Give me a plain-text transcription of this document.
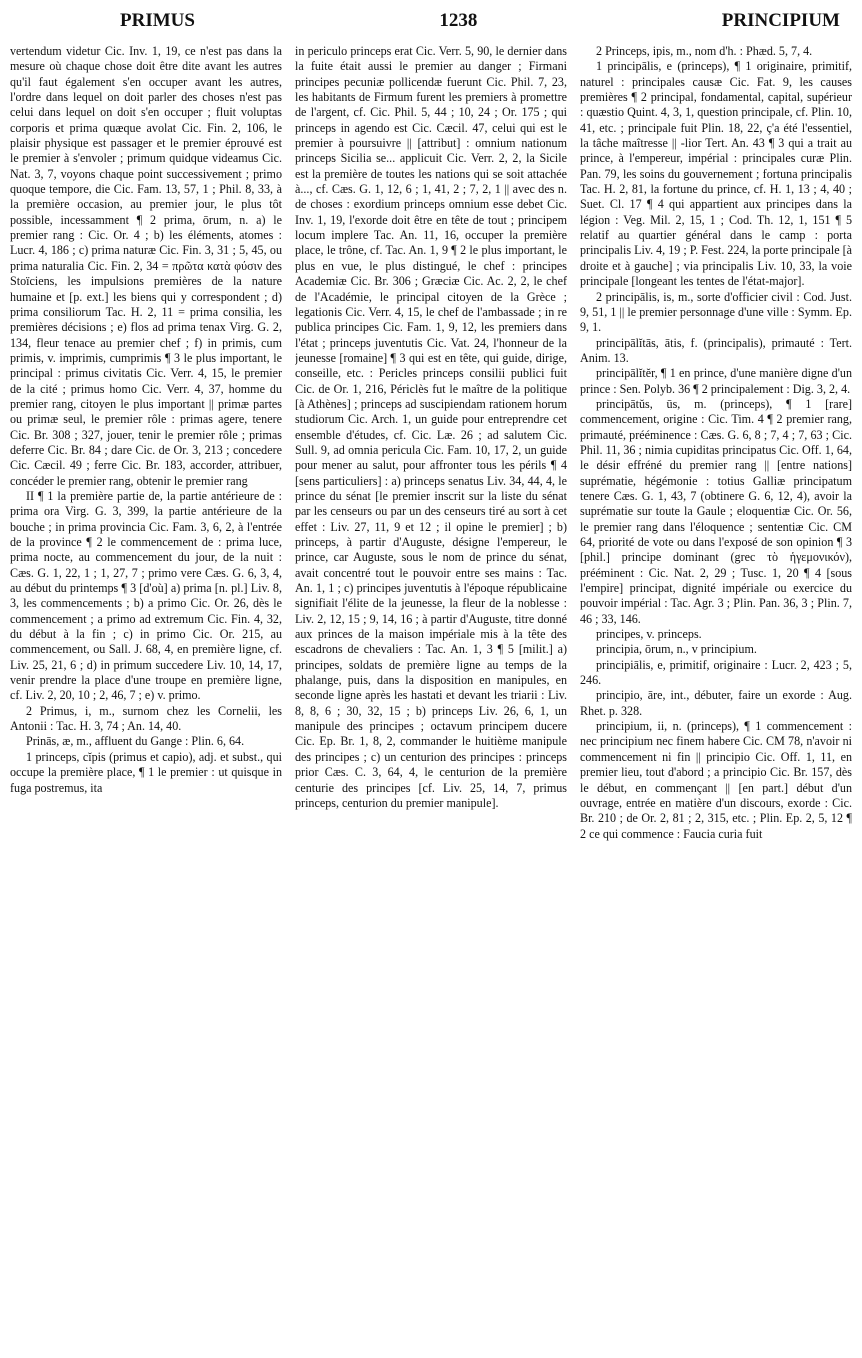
PRIMUS	1238	PRINCIPIUM

vertendum videtur Cic. Inv. 1, 19, ce n'est pas dans la mesure où chaque chose doit être dite avant les autres qu'il faut également s'en occuper avant les autres, l'ordre dans lequel on doit parler des choses n'est pas celui dans lequel on doit s'en occuper ; fluit voluptas corporis et prima quæque avolat Cic. Fin. 2, 106, le plaisir physique est passager et le premier éprouvé est le premier à s'envoler ; primum quidque videamus Cic. Nat. 3, 7, voyons chaque point successivement ; primo quoque tempore, die Cic. Fam. 13, 57, 1 ; Phil. 8, 33, à la première occasion, au premier jour, le plus tôt possible, incessamment ¶ 2 prima, ōrum, n. a) le premier rang : Cic. Or. 4 ; b) les éléments, atomes : Lucr. 4, 186 ; c) prima naturæ Cic. Fin. 3, 31 ; 5, 45, ou prima naturalia Cic. Fin. 2, 34 = πρῶτα κατὰ φύσιν des Stoïciens, les impulsions premières de la nature humaine et [p. ext.] les biens qui y correspondent ; d) prima consiliorum Tac. H. 2, 11 = prima consilia, les premières décisions ; e) flos ad prima tenax Virg. G. 2, 134, fleur tenace au premier chef ; f) in primis, cum primis, v. imprimis, cumprimis ¶ 3 le plus important, le principal : primus civitatis Cic. Verr. 4, 15, le premier de la cité ; primus homo Cic. Verr. 4, 37, homme du premier rang, citoyen le plus important || primæ partes ou primæ seul, le premier rôle : primas agere, tenere Cic. Br. 308 ; 327, jouer, tenir le premier rôle ; primas deferre Cic. Br. 84 ; dare Cic. de Or. 3, 213 ; concedere Cic. Cæcil. 49 ; ferre Cic. Br. 183, accorder, attribuer, concéder le premier rang, obtenir le premier rang

II ¶ 1 la première partie de, la partie antérieure de : prima ora Virg. G. 3, 399, la partie antérieure de la bouche ; in prima provincia Cic. Fam. 3, 6, 2, à l'entrée de la province ¶ 2 le commencement de : prima luce, prima nocte, au commencement du jour, de la nuit : Cæs. G. 1, 22, 1 ; 1, 27, 7 ; primo vere Cæs. G. 6, 3, 4, au début du printemps ¶ 3 [d'où] a) prima [n. pl.] Liv. 8, 3, les commencements ; b) a primo Cic. Or. 26, dès le commencement ; a primo ad extremum Cic. Fin. 4, 32, du début à la fin ; c) in primo Cic. Or. 215, au commencement, ou Sall. J. 68, 4, en première ligne, cf. Liv. 25, 21, 6 ; d) in primum succedere Liv. 10, 14, 17, venir prendre la place d'une troupe en première ligne, cf. Liv. 2, 20, 10 ; 2, 46, 7 ; e) v. primo.

2 Primus, i, m., surnom chez les Cornelii, les Antonii : Tac. H. 3, 74 ; An. 14, 40.

Prinās, æ, m., affluent du Gange : Plin. 6, 64.

1 princeps, cĭpis (primus et capio), adj. et subst., qui occupe la première place, ¶ 1 le premier : ut quisque in fuga postremus, ita

in periculo princeps erat Cic. Verr. 5, 90, le dernier dans la fuite était aussi le premier au danger ; Firmani principes pecuniæ pollicendæ fuerunt Cic. Phil. 7, 23, les habitants de Firmum furent les premiers à promettre de l'argent, cf. Cic. Phil. 5, 44 ; 10, 24 ; Or. 175 ; qui princeps in agendo est Cic. Cæcil. 47, celui qui est le premier à poursuivre || [attribut] : omnium nationum princeps Sicilia se... applicuit Cic. Verr. 2, 2, la Sicile est la première de toutes les nations qui se soit attachée à..., cf. Cæs. G. 1, 12, 6 ; 1, 41, 2 ; 7, 2, 1 || avec des n. de choses : exordium princeps omnium esse debet Cic. Inv. 1, 19, l'exorde doit être en tête de tout ; principem locum implere Tac. An. 11, 16, occuper la première place, le trône, cf. Tac. An. 1, 9 ¶ 2 le plus important, le plus en vue, le plus distingué, le chef : principes Academiæ Cic. Br. 306 ; Græciæ Cic. Ac. 2, 2, le chef de l'Académie, le principal citoyen de la Grèce ; legationis Cic. Verr. 4, 15, le chef de l'ambassade ; in re publica principes Cic. Fam. 1, 9, 12, les premiers dans l'état ; princeps juventutis Cic. Vat. 24, l'honneur de la jeunesse [romaine] ¶ 3 qui est en tête, qui guide, dirige, conseille, etc. : Pericles princeps consilii publici fuit Cic. de Or. 1, 216, Périclès fut le maître de la politique [à Athènes] ; princeps ad suscipiendam rationem horum studiorum Cic. Arch. 1, un guide pour entreprendre cet ensemble d'études, cf. Cic. Læ. 26 ; ad salutem Cic. Sull. 9, ad omnia pericula Cic. Fam. 10, 17, 2, un guide pour mener au salut, pour affronter tous les périls ¶ 4 [sens particuliers] : a) princeps senatus Liv. 34, 44, 4, le prince du sénat [le premier inscrit sur la liste du sénat par les censeurs ou par un des censeurs tiré au sort à cet effet : Liv. 27, 11, 9 et 12 ; il opine le premier] ; b) princeps, à partir d'Auguste, désigne l'empereur, le prince, car Auguste, sous le nom de prince du sénat, avait concentré tout le pouvoir entre ses mains : Tac. An. 1, 1 ; c) principes juventutis à l'époque républicaine signifiait l'élite de la jeunesse, la fleur de la noblesse : Liv. 2, 12, 15 ; 9, 14, 16 ; à partir d'Auguste, titre donné aux princes de la maison impériale mis à la tête des escadrons de chevaliers : Tac. An. 1, 3 ¶ 5 [milit.] a) principes, soldats de première ligne au temps de la phalange, puis, dans la disposition en manipules, en seconde ligne après les hastati et devant les triarii : Liv. 8, 8, 6 ; 30, 32, 15 ; b) princeps Liv. 26, 6, 1, un manipule des principes ; octavum principem ducere Cic. Ep. Br. 1, 8, 2, commander le huitième manipule des principes ; c) un centurion des principes : princeps prior Cæs. C. 3, 64, 4, le centurion de la première centurie des principes [cf. Liv. 25, 14, 7, primus princeps, centurion du premier manipule].

2 Princeps, ipis, m., nom d'h. : Phæd. 5, 7, 4.

1 principālis, e (princeps), ¶ 1 originaire, primitif, naturel : principales causæ Cic. Fat. 9, les causes premières ¶ 2 principal, fondamental, capital, supérieur : quæstio Quint. 4, 3, 1, question principale, cf. Plin. 10, 41, etc. ; principale fuit Plin. 18, 22, ç'a été l'essentiel, la tâche maîtresse || -lior Tert. An. 43 ¶ 3 qui a trait au prince, à l'empereur, impérial : principales curæ Plin. Pan. 79, les soins du gouvernement ; fortuna principalis Tac. H. 2, 81, la fortune du prince, cf. H. 1, 13 ; 4, 40 ; Suet. Cl. 17 ¶ 4 qui appartient aux principes dans la légion : Veg. Mil. 2, 15, 1 ; Cod. Th. 12, 1, 151 ¶ 5 relatif au quartier général dans le camp : porta principalis Liv. 4, 19 ; P. Fest. 224, la porte principale [à droite et à gauche] ; via principalis Liv. 10, 33, la voie principale [longeant les tentes de l'état-major].

2 principālis, is, m., sorte d'officier civil : Cod. Just. 9, 51, 1 || le premier personnage d'une ville : Symm. Ep. 9, 1.

principālĭtās, ātis, f. (principalis), primauté : Tert. Anim. 13.

principālĭtĕr, ¶ 1 en prince, d'une manière digne d'un prince : Sen. Polyb. 36 ¶ 2 principalement : Dig. 3, 2, 4.

principātŭs, ūs, m. (princeps), ¶ 1 [rare] commencement, origine : Cic. Tim. 4 ¶ 2 premier rang, primauté, prééminence : Cæs. G. 6, 8 ; 7, 4 ; 7, 63 ; Cic. Phil. 11, 36 ; nimia cupiditas principatus Cic. Off. 1, 64, le désir effréné du premier rang || [entre nations] suprématie, hégémonie : totius Galliæ principatum tenere Cæs. G. 1, 43, 7 (obtinere G. 6, 12, 4), avoir la suprématie sur toute la Gaule ; eloquentiæ Cic. Or. 56, le premier rang dans l'éloquence ; sententiæ Cic. CM 64, priorité de vote ou dans l'exposé de son opinion ¶ 3 [phil.] principe dominant (grec τὸ ἡγεμονικόν), prééminent : Cic. Nat. 2, 29 ; Tusc. 1, 20 ¶ 4 [sous l'empire] principat, dignité impériale ou exercice du pouvoir impérial : Tac. Agr. 3 ; Plin. Pan. 36, 3 ; Plin. 7, 46 ; 33, 146.

principes, v. princeps.

principia, ōrum, n., v principium.

principiālis, e, primitif, originaire : Lucr. 2, 423 ; 5, 246.

principio, āre, int., débuter, faire un exorde : Aug. Rhet. p. 328.

principium, ii, n. (princeps), ¶ 1 commencement : nec principium nec finem habere Cic. CM 78, n'avoir ni commencement ni fin || principio Cic. Off. 1, 11, en premier lieu, tout d'abord ; a principio Cic. Br. 157, dès le début, en commençant || [en part.] début d'un ouvrage, entrée en matière d'un discours, exorde : Cic. Br. 210 ; de Or. 2, 81 ; 2, 315, etc. ; Plin. Ep. 2, 5, 12 ¶ 2 ce qui commence : Faucia curia fuit
